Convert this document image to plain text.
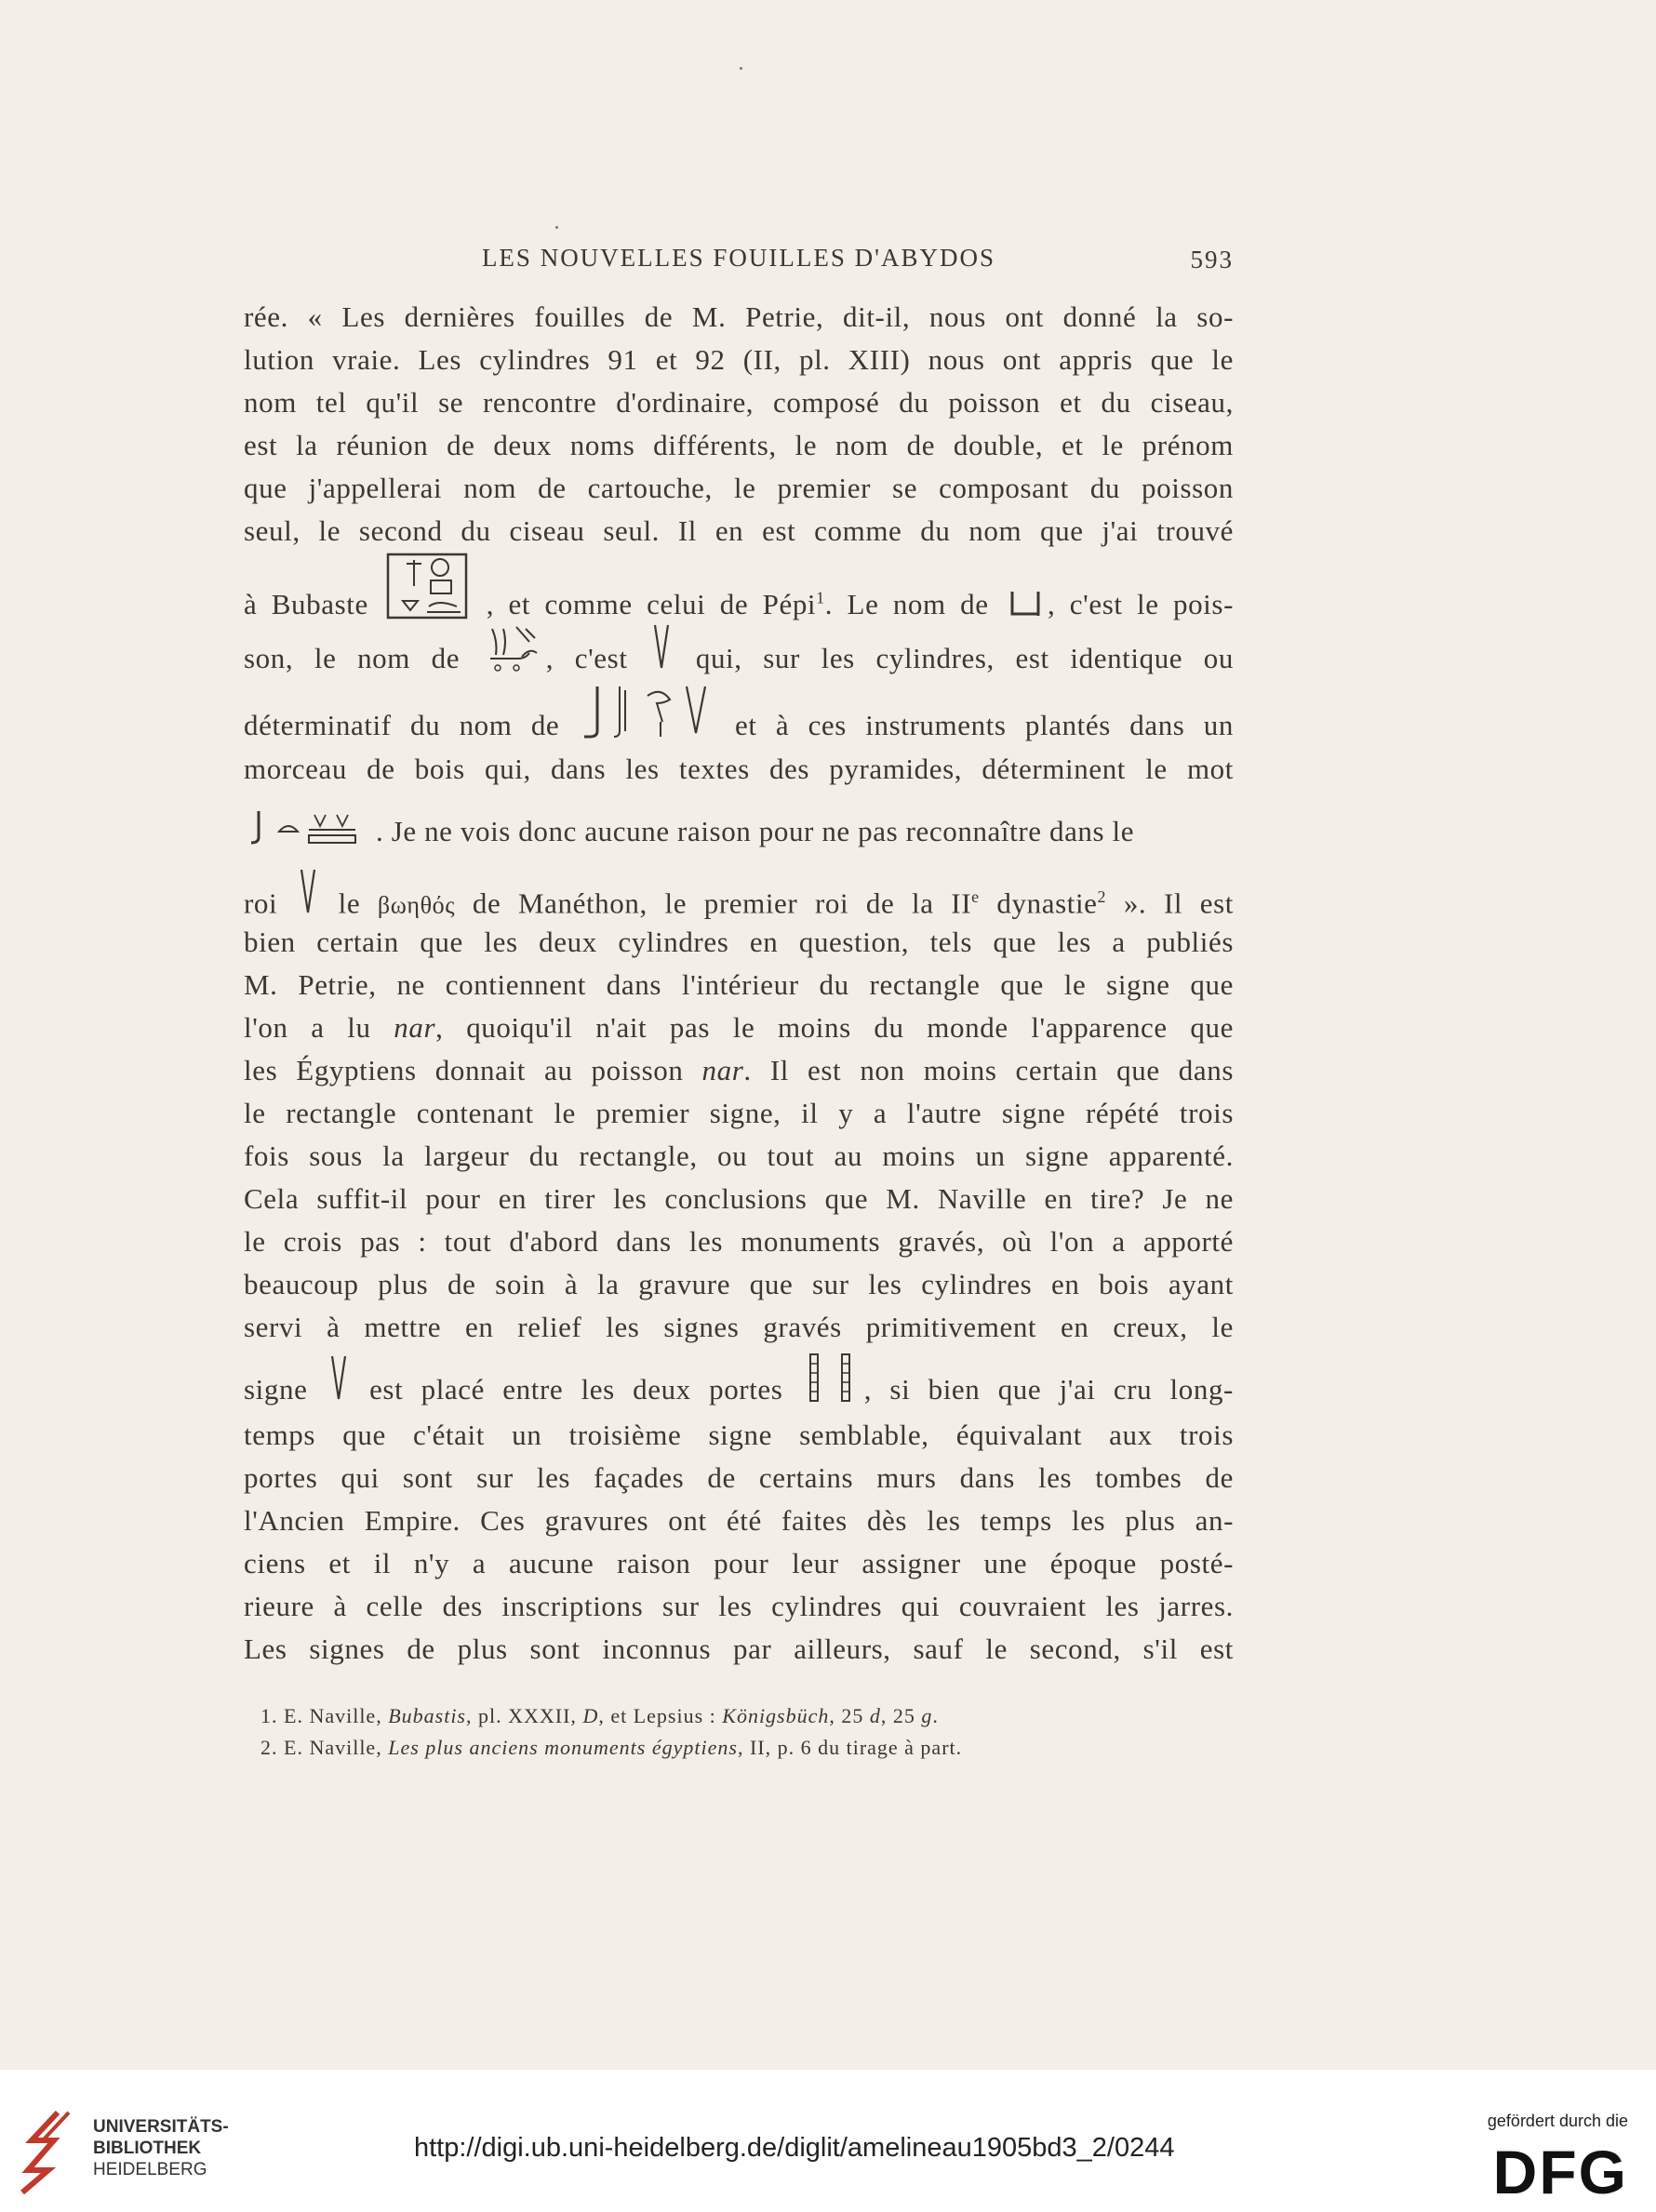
LES NOUVELLES FOUILLES D'ABYDOS	593
rée. « Les dernières fouilles de M. Petrie, dit-il, nous ont donné la so-
lution vraie. Les cylindres 91 et 92 (II, pl. XIII) nous ont appris que le
nom tel qu'il se rencontre d'ordinaire, composé du poisson et du ciseau,
est la réunion de deux noms différents, le nom de double, et le prénom
que j'appellerai nom de cartouche, le premier se composant du poisson
seul, le second du ciseau seul. Il en est comme du nom que j'ai trouvé
à Bubaste	, et comme celui de Pépi$^1$. Le nom de , c'est le pois-
son, le nom de	, c'est qui, sur les cylindres, est identique ou
déterminatif du nom de	et à ces instruments plantés dans un
morceau de bois qui, dans les textes des pyramides, déterminent le mot
. Je ne vois donc aucune raison pour ne pas reconnaître dans le
roi le βωηθός de Manéthon, le premier roi de la IIe dynastie$^2$ ». Il est
bien certain que les deux cylindres en question, tels que les a publiés
M. Petrie, ne contiennent dans l'intérieur du rectangle que le signe que
l'on a lu nar, quoiqu'il n'ait pas le moins du monde l'apparence que
les Égyptiens donnait au poisson nar. Il est non moins certain que dans
le rectangle contenant le premier signe, il y a l'autre signe répété trois
fois sous la largeur du rectangle, ou tout au moins un signe apparenté.
Cela suffit-il pour en tirer les conclusions que M. Naville en tire? Je ne
le crois pas : tout d'abord dans les monuments gravés, où l'on a apporté
beaucoup plus de soin à la gravure que sur les cylindres en bois ayant
servi à mettre en relief les signes gravés primitivement en creux, le
signe est placé entre les deux portes	, si bien que j'ai cru long-
temps que c'était un troisième signe semblable, équivalant aux trois
portes qui sont sur les façades de certains murs dans les tombes de
l'Ancien Empire. Ces gravures ont été faites dès les temps les plus an-
ciens et il n'y a aucune raison pour leur assigner une époque posté-
rieure à celle des inscriptions sur les cylindres qui couvraient les jarres.
Les signes de plus sont inconnus par ailleurs, sauf le second, s'il est
1. E. Naville, Bubastis, pl. XXXII, D, et Lepsius : Königsbüch, 25 d, 25 g.
2. E. Naville, Les plus anciens monuments égyptiens, II, p. 6 du tirage à part.
UNIVERSITÄTS-
BIBLIOTHEK
HEIDELBERG
http://digi.ub.uni-heidelberg.de/diglit/amelineau1905bd3_2/0244
gefördert durch die
DFG
